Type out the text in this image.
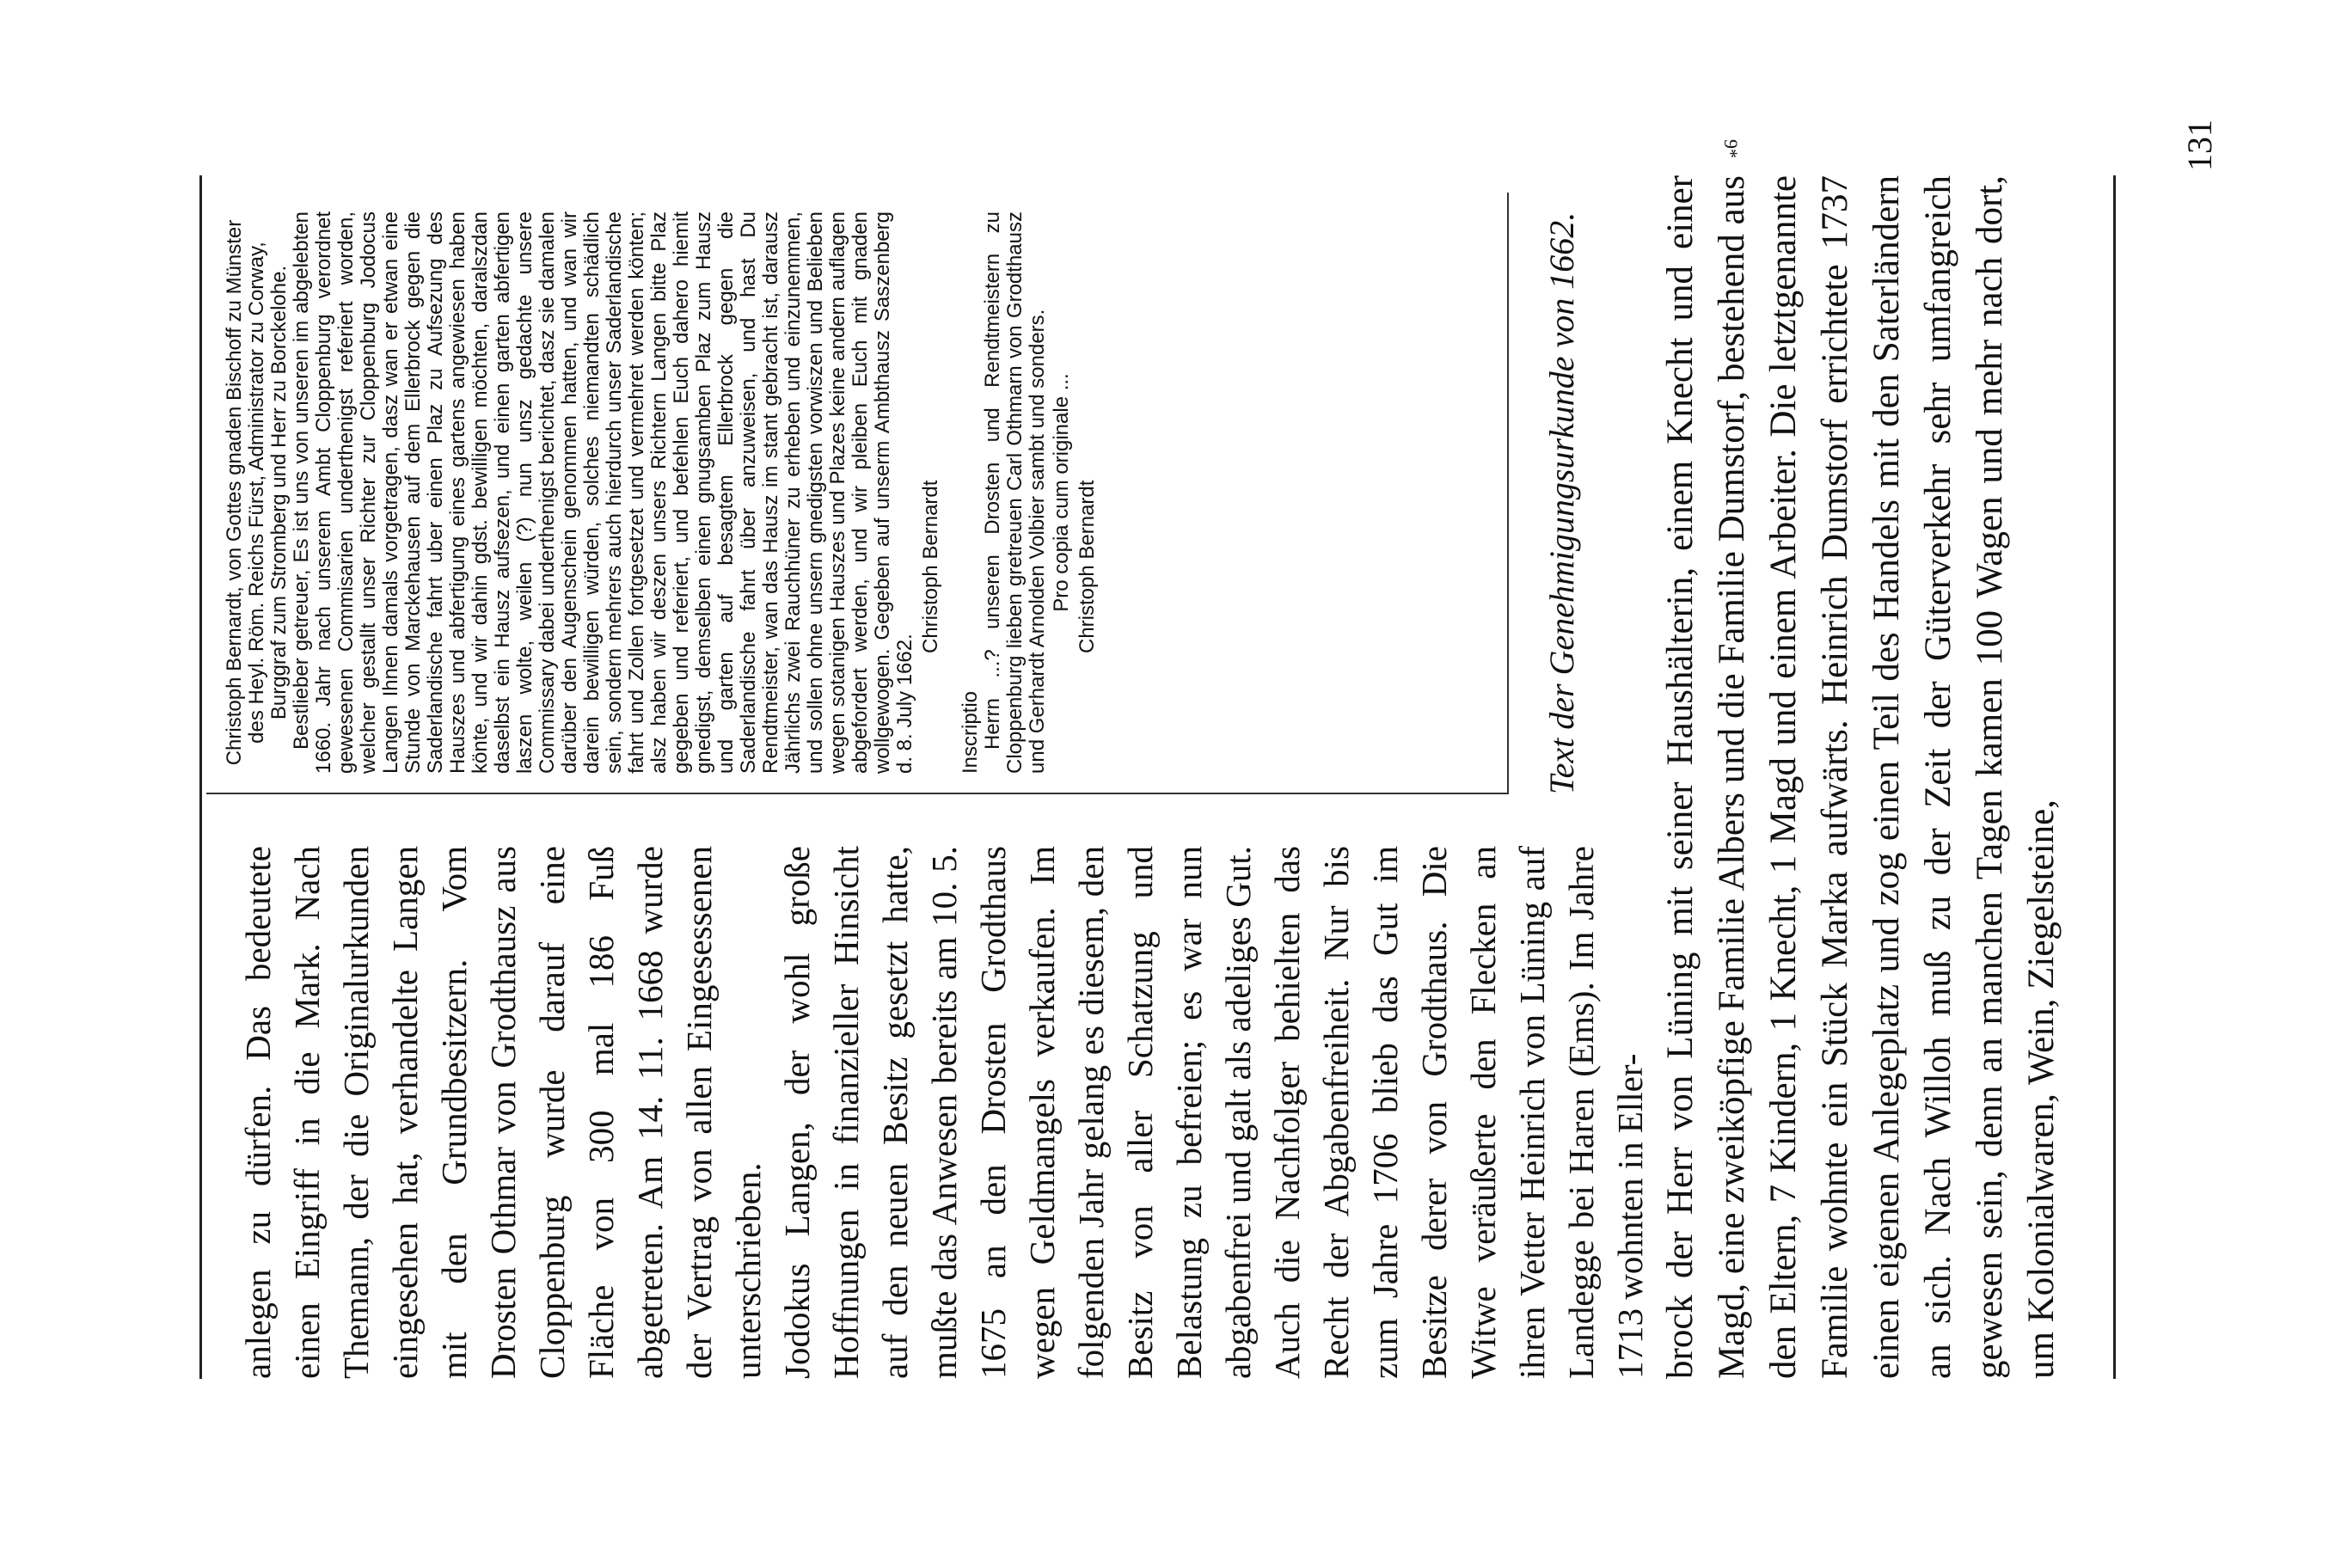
anlegen zu dürfen. Das bedeutete einen Eingriff in die Mark. Nach Themann, der die Originalurkunden eingesehen hat, verhandelte Langen mit den Grundbesitzern. Vom Drosten Othmar von Grodthausz aus Cloppenburg wurde darauf eine Fläche von 300 mal 186 Fuß abgetreten. Am 14. 11. 1668 wurde der Vertrag von allen Eingesessenen unterschrieben. Jodokus Langen, der wohl große Hoffnungen in finanzieller Hinsicht auf den neuen Besitz gesetzt hatte, mußte das Anwesen bereits am 10. 5. 1675 an den Drosten Grodthaus wegen Geldmangels verkaufen. Im folgenden Jahr gelang es diesem, den Besitz von aller Schatzung und Belastung zu befreien; es war nun abgabenfrei und galt als adeliges Gut. Auch die Nachfolger behielten das Recht der Abgabenfreiheit. Nur bis zum Jahre 1706 blieb das Gut im Besitze derer von Grodthaus. Die Witwe veräußerte den Flecken an ihren Vetter Heinrich von Lüning auf Landegge bei Haren (Ems). Im Jahre 1713 wohnten in Eller-

Christoph Bernardt, von Gottes gnaden Bischoff zu Münster des Heyl. Röm. Reichs Fürst, Administrator zu Corway, Burggraf zum Stromberg und Herr zu Borckelohe. Bestlieber getreuer, Es ist uns von unseren im abgelebten 1660. Jahr nach unserem Ambt Cloppenburg verordnet gewesenen Commisarien underthenigst referiert worden, welcher gestallt unser Richter zur Cloppenburg Jodocus Langen Ihnen damals vorgetragen, dasz wan er etwan eine Stunde von Marckehausen auf dem Ellerbrock gegen die Saderlandische fahrt uber einen Plaz zu Aufsezung des Hauszes und abfertigung eines gartens angewiesen haben könte, und wir dahin gdst. bewilligen möchten, daralszdan daselbst ein Hausz aufsezen, und einen garten abfertigen laszen wolte, weilen (?) nun unsz gedachte unsere Commissary dabei underthenigst berichtet, dasz sie damalen darüber den Augenschein genommen hatten, und wan wir darein bewilligen würden, solches niemandten schädlich sein, sondern mehrers auch hierdurch unser Saderlandische fahrt und Zollen fortgesetzet und vermehret werden könten; alsz haben wir deszen unsers Richtern Langen bitte Plaz gegeben und referiert, und befehlen Euch dahero hiemit gnedigst, demselben einen gnugsamben Plaz zum Hausz und garten auf besagtem Ellerbrock gegen die Saderlandische fahrt über anzuweisen, und hast Du Rendtmeister, wan das Hausz im stant gebracht ist, darausz Jährlichs zwei Rauchhüner zu erheben und einzunemmen, und sollen ohne unsern gnedigsten vorwiszen und Belieben wegen sotanigen Hauszes und Plazes keine andern auflagen abgefordert werden, und wir pleiben Euch mit gnaden wollgewogen. Gegeben auf unserm Ambthausz Saszenberg d. 8. July 1662.

Christoph Bernardt

Inscriptio Herrn ...? unseren Drosten und Rendtmeistern zu Cloppenburg lieben gretreuen Carl Othmarn von Grodthausz und Gerhardt Arnolden Volbier sambt und sonders. Pro copia cum originale ... Christoph Bernardt	Text der Genehmigungsurkunde von 1662. brock der Herr von Lüning mit seiner Haushälterin, einem Knecht und einer Magd, eine zweiköpfige Familie Albers und die Familie Dumstorf, bestehend aus den Eltern, 7 Kindern, 1 Knecht, 1 Magd und einem Arbeiter. Die letztgenannte Familie wohnte ein Stück Marka aufwärts. Heinrich Dumstorf errichtete 1737 einen eigenen Anlegeplatz und zog einen Teil des Handels mit den Saterländern an sich. Nach Willoh muß zu der Zeit der Güterverkehr sehr umfangreich gewesen sein, denn an manchen Tagen kamen 100 Wagen und mehr nach dort, um Kolonialwaren, Wein, Ziegelsteine,
131
9*
